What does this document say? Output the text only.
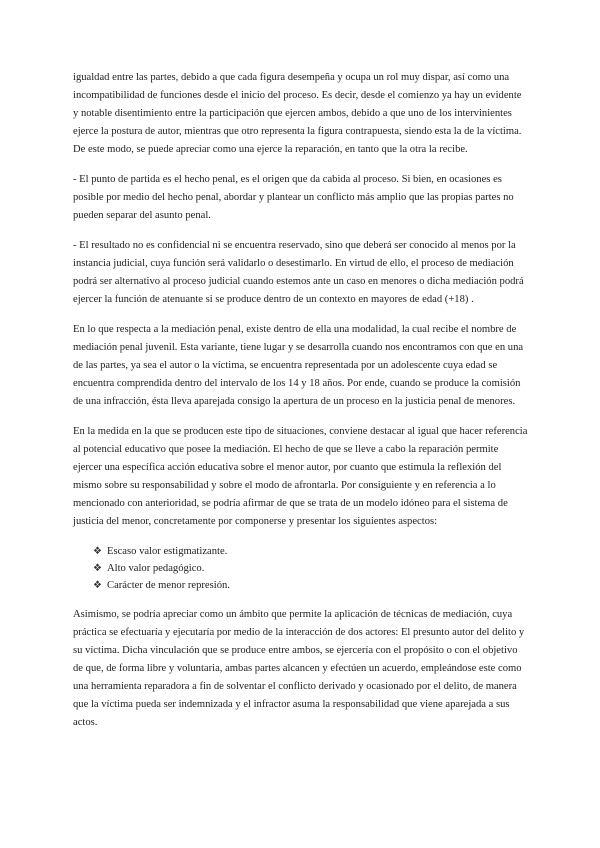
igualdad entre las partes, debido a que cada figura desempeña y ocupa un rol muy dispar, así como una incompatibilidad de funciones desde el inicio del proceso. Es decir, desde el comienzo ya hay un evidente y notable disentimiento entre la participación que ejercen ambos, debido a que uno de los intervinientes ejerce la postura de autor, mientras que otro representa la figura contrapuesta, siendo esta la de la víctima. De este modo, se puede apreciar como una ejerce la reparación, en tanto que la otra la recibe.

- El punto de partida es el hecho penal, es el origen que da cabida al proceso. Si bien, en ocasiones es posible por medio del hecho penal, abordar y plantear un conflicto más amplio que las propias partes no pueden separar del asunto penal.

- El resultado no es confidencial ni se encuentra reservado, sino que deberá ser conocido al menos por la instancia judicial, cuya función será validarlo o desestimarlo. En virtud de ello, el proceso de mediación podrá ser alternativo al proceso judicial cuando estemos ante un caso en menores o dicha mediación podrá ejercer la función de atenuante si se produce dentro de un contexto en mayores de edad (+18) .

En lo que respecta a la mediación penal, existe dentro de ella una modalidad, la cual recibe el nombre de mediación penal juvenil. Esta variante, tiene lugar y se desarrolla cuando nos encontramos con que en una de las partes, ya sea el autor o la víctima, se encuentra representada por un adolescente cuya edad se encuentra comprendida dentro del intervalo de los 14 y 18 años. Por ende, cuando se produce la comisión de una infracción, ésta lleva aparejada consigo la apertura de un proceso en la justicia penal de menores.

En la medida en la que se producen este tipo de situaciones, conviene destacar al igual que hacer referencia al potencial educativo que posee la mediación. El hecho de que se lleve a cabo la reparación permite ejercer una específica acción educativa sobre el menor autor, por cuanto que estimula la reflexión del mismo sobre su responsabilidad y sobre el modo de afrontarla. Por consiguiente y en referencia a lo mencionado con anterioridad, se podría afirmar de que se trata de un modelo idóneo para el sistema de justicia del menor, concretamente por componerse y presentar los siguientes aspectos:

❖ Escaso valor estigmatizante.
❖ Alto valor pedagógico.
❖ Carácter de menor represión.

Asimismo, se podría apreciar como un ámbito que permite la aplicación de técnicas de mediación, cuya práctica se efectuaría y ejecutaría por medio de la interacción de dos actores: El presunto autor del delito y su víctima. Dicha vinculación que se produce entre ambos, se ejercería con el propósito o con el objetivo de que, de forma libre y voluntaria, ambas partes alcancen y efectúen un acuerdo, empleándose este como una herramienta reparadora a fin de solventar el conflicto derivado y ocasionado por el delito, de manera que la víctima pueda ser indemnizada y el infractor asuma la responsabilidad que viene aparejada a sus actos.
